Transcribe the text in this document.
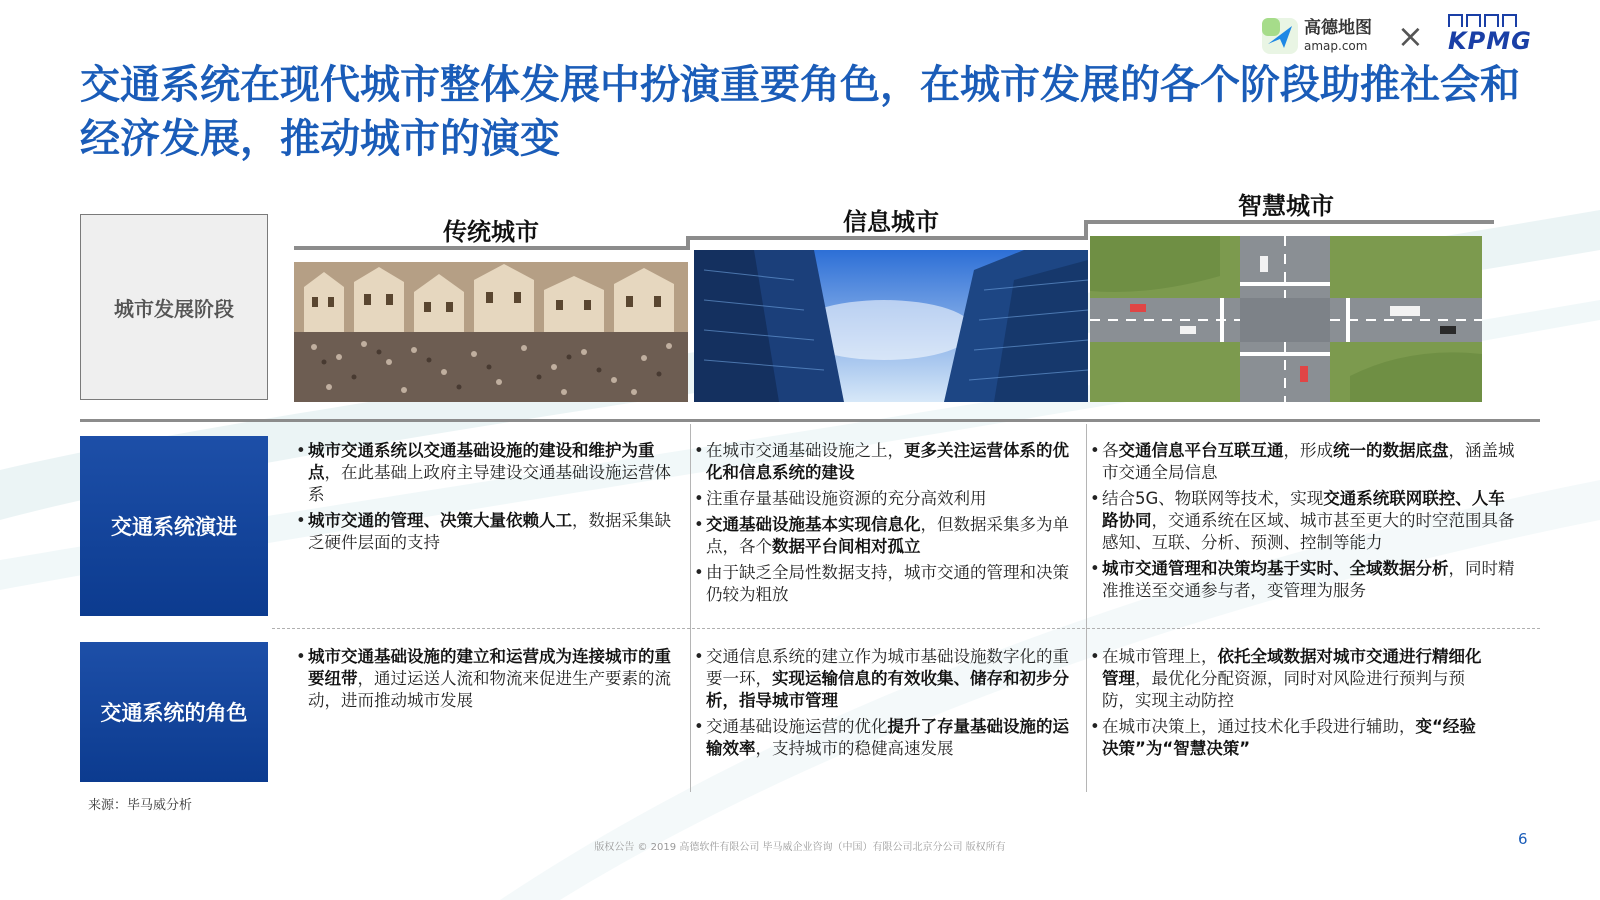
交通系统在现代城市整体发展中扮演重要角色，在城市发展的各个阶段助推社会和
经济发展，推动城市的演变
高德地图
amap.com × KPMG
城市发展阶段
传统城市	信息城市
智慧城市
交通系统演进
交通系统的角色
• 城市交通系统以交通基础设施的建设和维护为重点，在此基础上政府主导建设交通基础设施运营体系
• 城市交通的管理、决策大量依赖人工，数据采集缺乏硬件层面的支持
• 在城市交通基础设施之上，更多关注运营体系的优化和信息系统的建设
• 注重存量基础设施资源的充分高效利用
• 交通基础设施基本实现信息化，但数据采集多为单点，各个数据平台间相对孤立
• 由于缺乏全局性数据支持，城市交通的管理和决策仍较为粗放
• 各交通信息平台互联互通，形成统一的数据底盘，涵盖城市交通全局信息
• 结合5G、物联网等技术，实现交通系统联网联控、人车路协同，交通系统在区域、城市甚至更大的时空范围具备感知、互联、分析、预测、控制等能力
• 城市交通管理和决策均基于实时、全域数据分析，同时精准推送至交通参与者，变管理为服务
• 城市交通基础设施的建立和运营成为连接城市的重要纽带，通过运送人流和物流来促进生产要素的流动，进而推动城市发展
• 交通信息系统的建立作为城市基础设施数字化的重要一环，实现运输信息的有效收集、储存和初步分析，指导城市管理
• 交通基础设施运营的优化提升了存量基础设施的运输效率，支持城市的稳健高速发展
• 在城市管理上，依托全域数据对城市交通进行精细化管理，最优化分配资源，同时对风险进行预判与预防，实现主动防控
• 在城市决策上，通过技术化手段进行辅助，变“经验决策”为“智慧决策”
来源：毕马威分析
版权公告 © 2019 高德软件有限公司 毕马威企业咨询（中国）有限公司北京分公司 版权所有	6
